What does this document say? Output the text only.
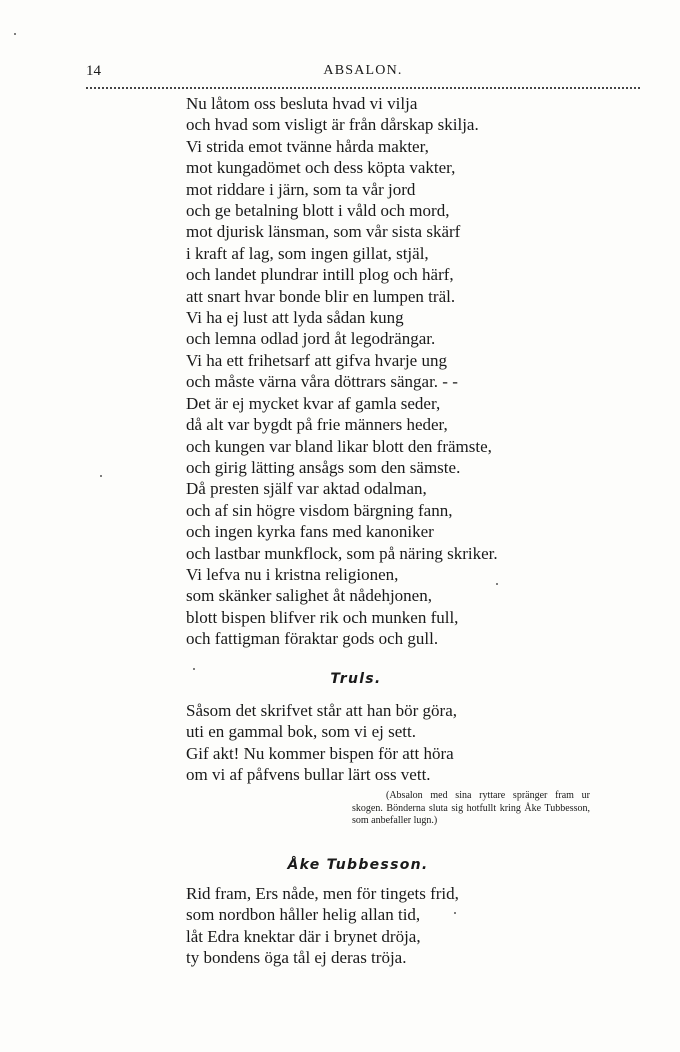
14	ABSALON.
Nu låtom oss besluta hvad vi vilja
och hvad som visligt är från dårskap skilja.
Vi strida emot tvänne hårda makter,
mot kungadömet och dess köpta vakter,
mot riddare i järn, som ta vår jord
och ge betalning blott i våld och mord,
mot djurisk länsman, som vår sista skärf
i kraft af lag, som ingen gillat, stjäl,
och landet plundrar intill plog och härf,
att snart hvar bonde blir en lumpen träl.
Vi ha ej lust att lyda sådan kung
och lemna odlad jord åt legodrängar.
Vi ha ett frihetsarf att gifva hvarje ung
och måste värna våra döttrars sängar. - -
Det är ej mycket kvar af gamla seder,
då alt var bygdt på frie männers heder,
och kungen var bland likar blott den främste,
och girig lätting ansågs som den sämste.
Då presten själf var aktad odalman,
och af sin högre visdom bärgning fann,
och ingen kyrka fans med kanoniker
och lastbar munkflock, som på näring skriker.
Vi lefva nu i kristna religionen,
som skänker salighet åt nådehjonen,
blott bispen blifver rik och munken full,
och fattigman föraktar gods och gull.
Truls.
Såsom det skrifvet står att han bör göra,
uti en gammal bok, som vi ej sett.
Gif akt! Nu kommer bispen för att höra
om vi af påfvens bullar lärt oss vett.
(Absalon med sina ryttare spränger fram ur skogen. Bönderna sluta sig hotfullt kring Åke Tubbesson, som anbefaller lugn.)
Åke Tubbesson.
Rid fram, Ers nåde, men för tingets frid,
som nordbon håller helig allan tid,
låt Edra knektar där i brynet dröja,
ty bondens öga tål ej deras tröja.
